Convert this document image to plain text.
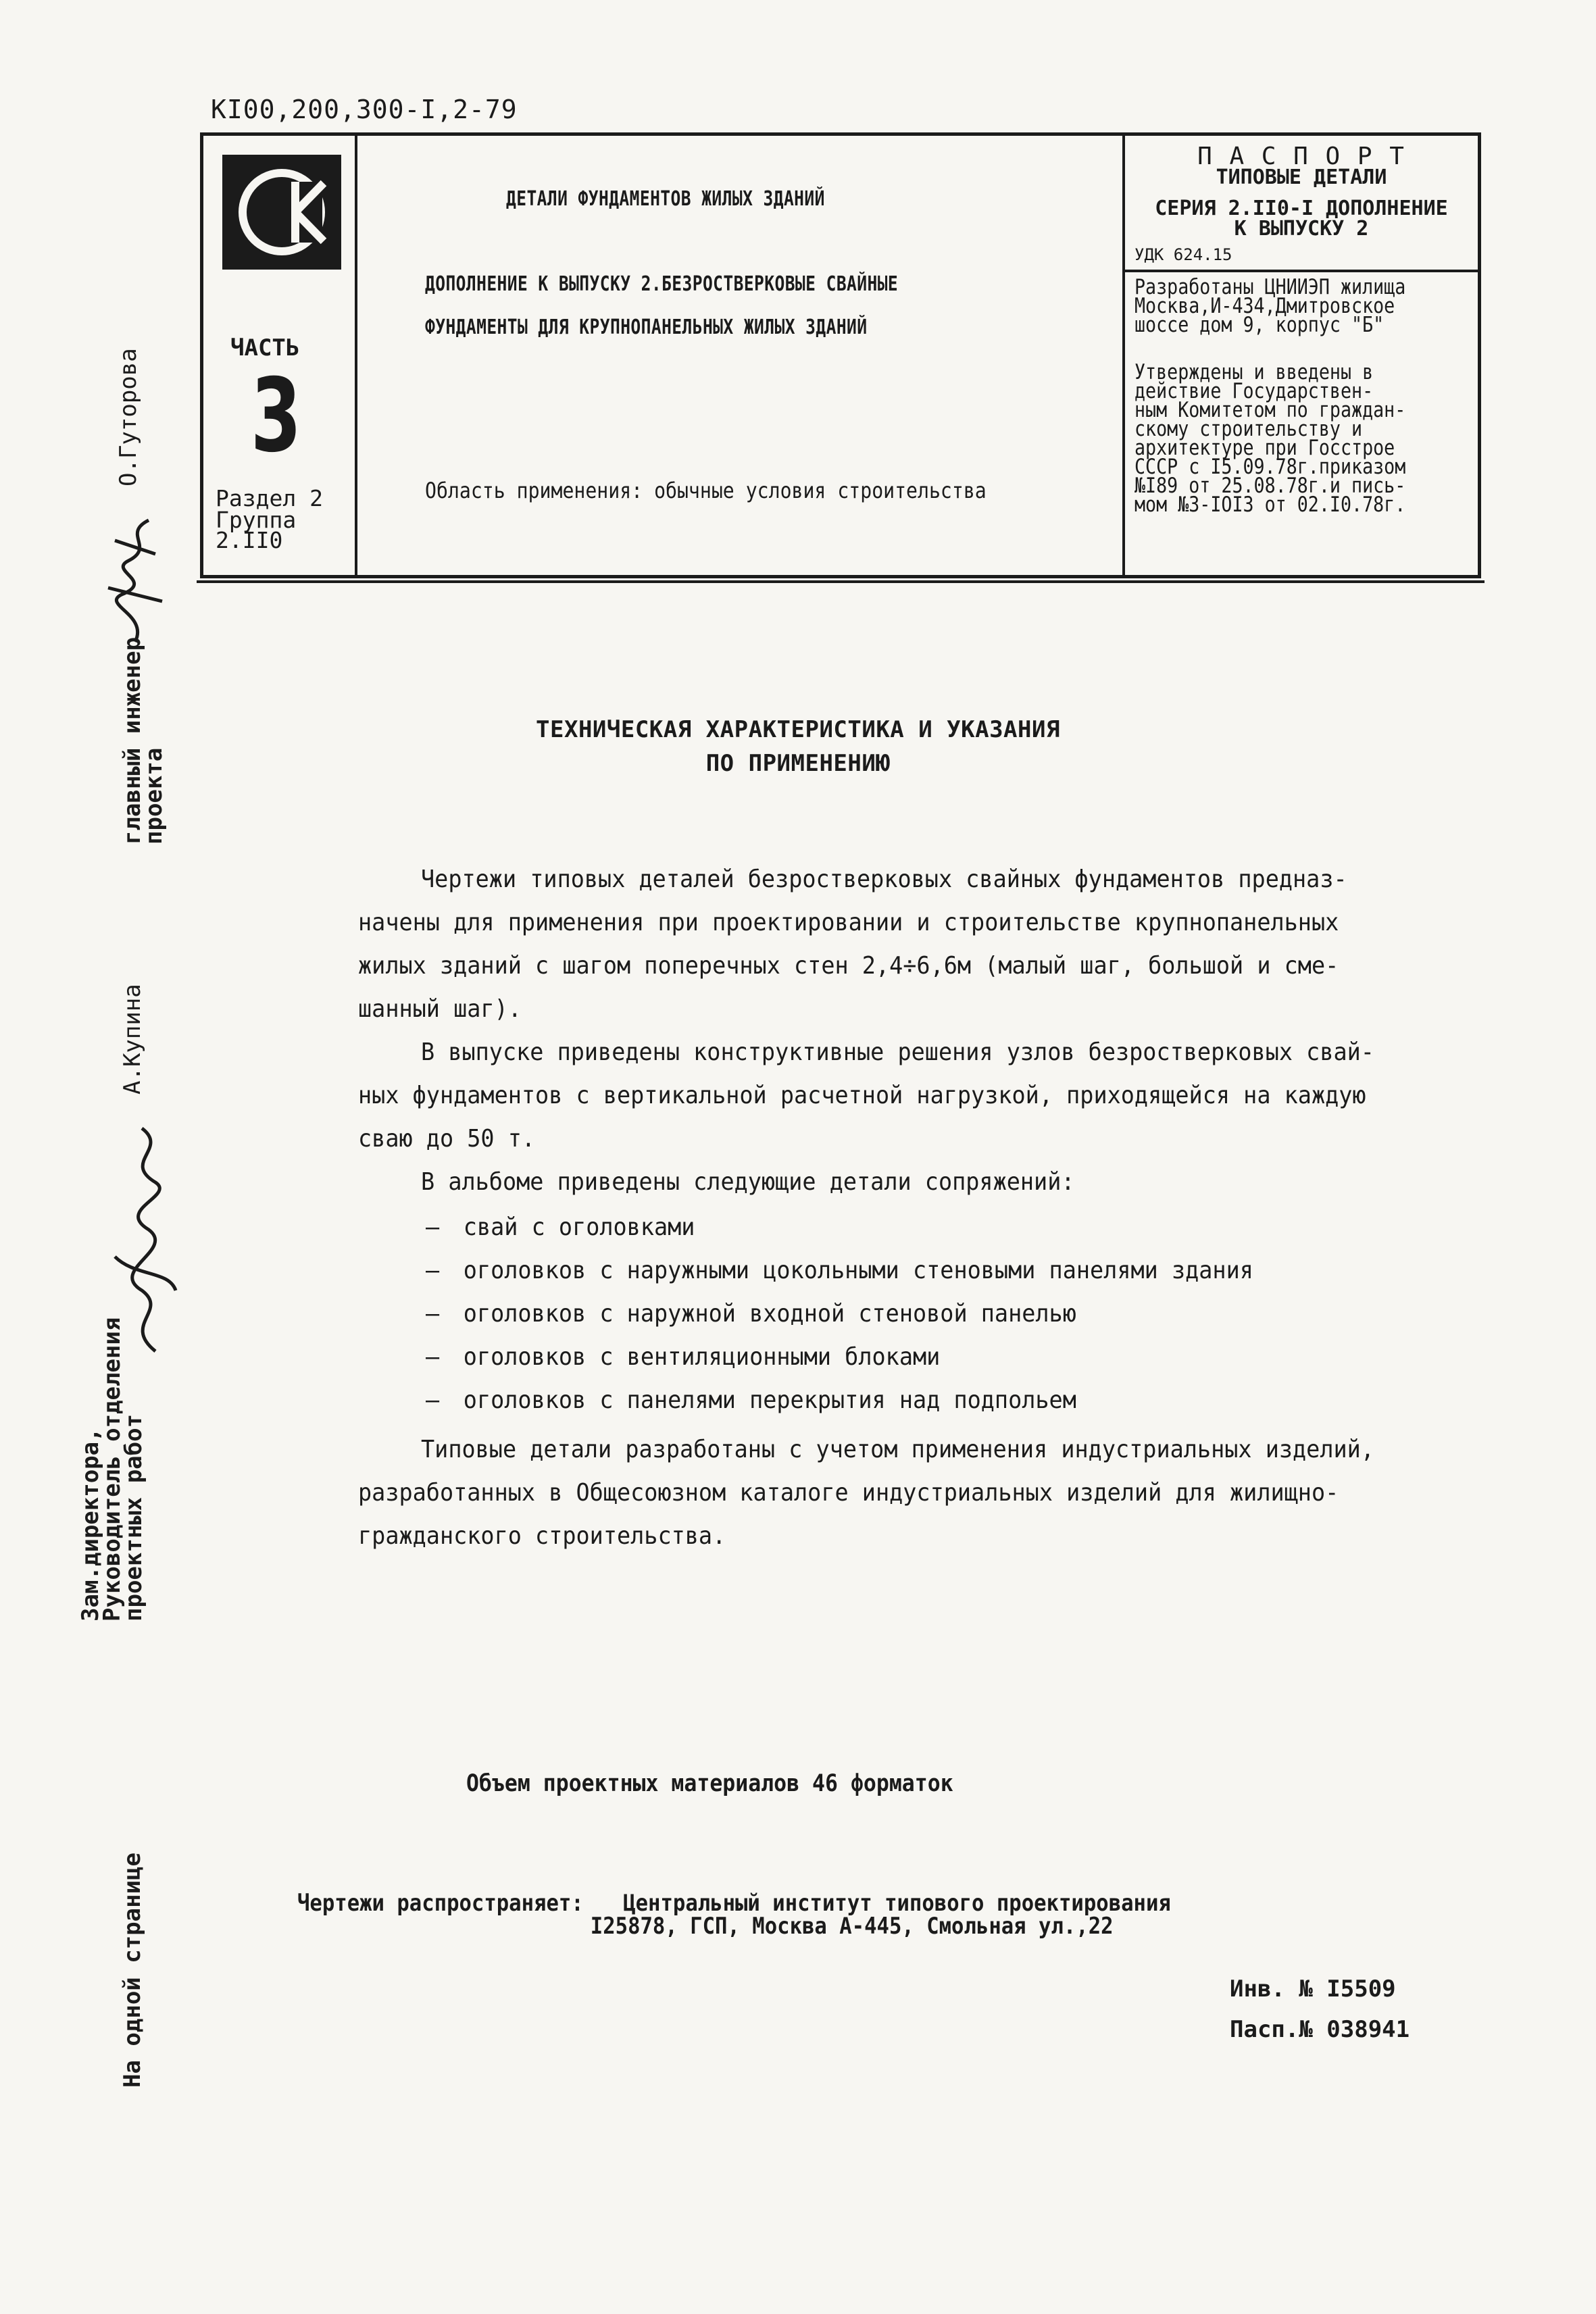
КI00,200,300-I,2-79
ЧАСТЬ
3
Раздел 2
Группа
2.II0
ДЕТАЛИ ФУНДАМЕНТОВ ЖИЛЫХ ЗДАНИЙ
ДОПОЛНЕНИЕ К ВЫПУСКУ 2.БЕЗРОСТВЕРКОВЫЕ СВАЙНЫЕ
ФУНДАМЕНТЫ ДЛЯ КРУПНОПАНЕЛЬНЫХ ЖИЛЫХ ЗДАНИЙ
Область применения: обычные условия строительства
П А С П О Р Т
ТИПОВЫЕ ДЕТАЛИ
СЕРИЯ 2.II0-I ДОПОЛНЕНИЕ
К ВЫПУСКУ 2
УДК 624.15
Разработаны ЦНИИЭП жилища
Москва,И-434,Дмитровское
шоссе дом 9, корпус "Б"
Утверждены и введены в
действие Государствен-
ным Комитетом по граждан-
скому строительству и
архитектуре при Госстрое
СССР с I5.09.78г.приказом
№I89 от 25.08.78г.и пись-
мом №З-IOI3 от 02.I0.78г.
ТЕХНИЧЕСКАЯ ХАРАКТЕРИСТИКА И УКАЗАНИЯ
ПО ПРИМЕНЕНИЮ
Чертежи типовых деталей безростверковых свайных фундаментов предназ-
начены для применения при проектировании и строительстве крупнопанельных
жилых зданий с шагом поперечных стен 2,4÷6,6м (малый шаг, большой и сме-
шанный шаг).
В выпуске приведены конструктивные решения узлов безростверковых свай-
ных фундаментов с вертикальной расчетной нагрузкой, приходящейся на каждую
сваю до 50 т.
В альбоме приведены следующие детали сопряжений:
– свай с оголовками
– оголовков с наружными цокольными стеновыми панелями здания
– оголовков с наружной входной стеновой панелью
– оголовков с вентиляционными блоками
– оголовков с панелями перекрытия над подпольем
Типовые детали разработаны с учетом применения индустриальных изделий,
разработанных в Общесоюзном каталоге индустриальных изделий для жилищно-
гражданского строительства.
Объем проектных материалов 46 форматок
Чертежи распространяет: Центральный институт типового проектирования
I25878, ГСП, Москва А-445, Смольная ул.,22
Инв. № I5509
Пасп.№ 038941
О.Гуторова
главный инженер
проекта
А.Купина
Зам.директора,
Руководитель отделения
проектных работ
На одной странице
